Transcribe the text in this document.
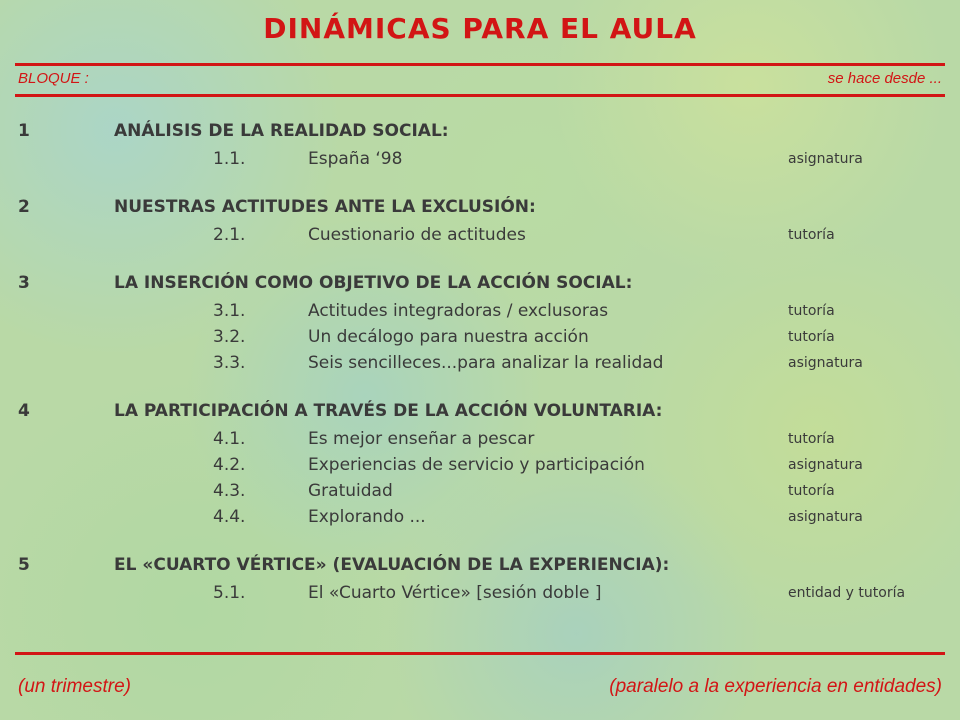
DINÁMICAS PARA EL AULA
BLOQUE :	se hace desde ...
1	ANÁLISIS DE LA REALIDAD SOCIAL:
1.1.	España ‘98	asignatura
2	NUESTRAS ACTITUDES ANTE LA EXCLUSIÓN:
2.1.	Cuestionario de actitudes	tutoría
3	LA INSERCIÓN COMO OBJETIVO DE LA ACCIÓN SOCIAL:
3.1.	Actitudes integradoras / exclusoras	tutoría
3.2.	Un decálogo para nuestra acción	tutoría
3.3.	Seis sencilleces...para analizar la realidad	asignatura
4	LA PARTICIPACIÓN A TRAVÉS DE LA ACCIÓN VOLUNTARIA:
4.1.	Es mejor enseñar a pescar	tutoría
4.2.	Experiencias de servicio y participación	asignatura
4.3.	Gratuidad	tutoría
4.4.	Explorando ...	asignatura
5	EL «CUARTO VÉRTICE» (EVALUACIÓN DE LA EXPERIENCIA):
5.1.	El «Cuarto Vértice» [sesión doble ]	entidad y tutoría
(un trimestre)	(paralelo a la experiencia en entidades)
